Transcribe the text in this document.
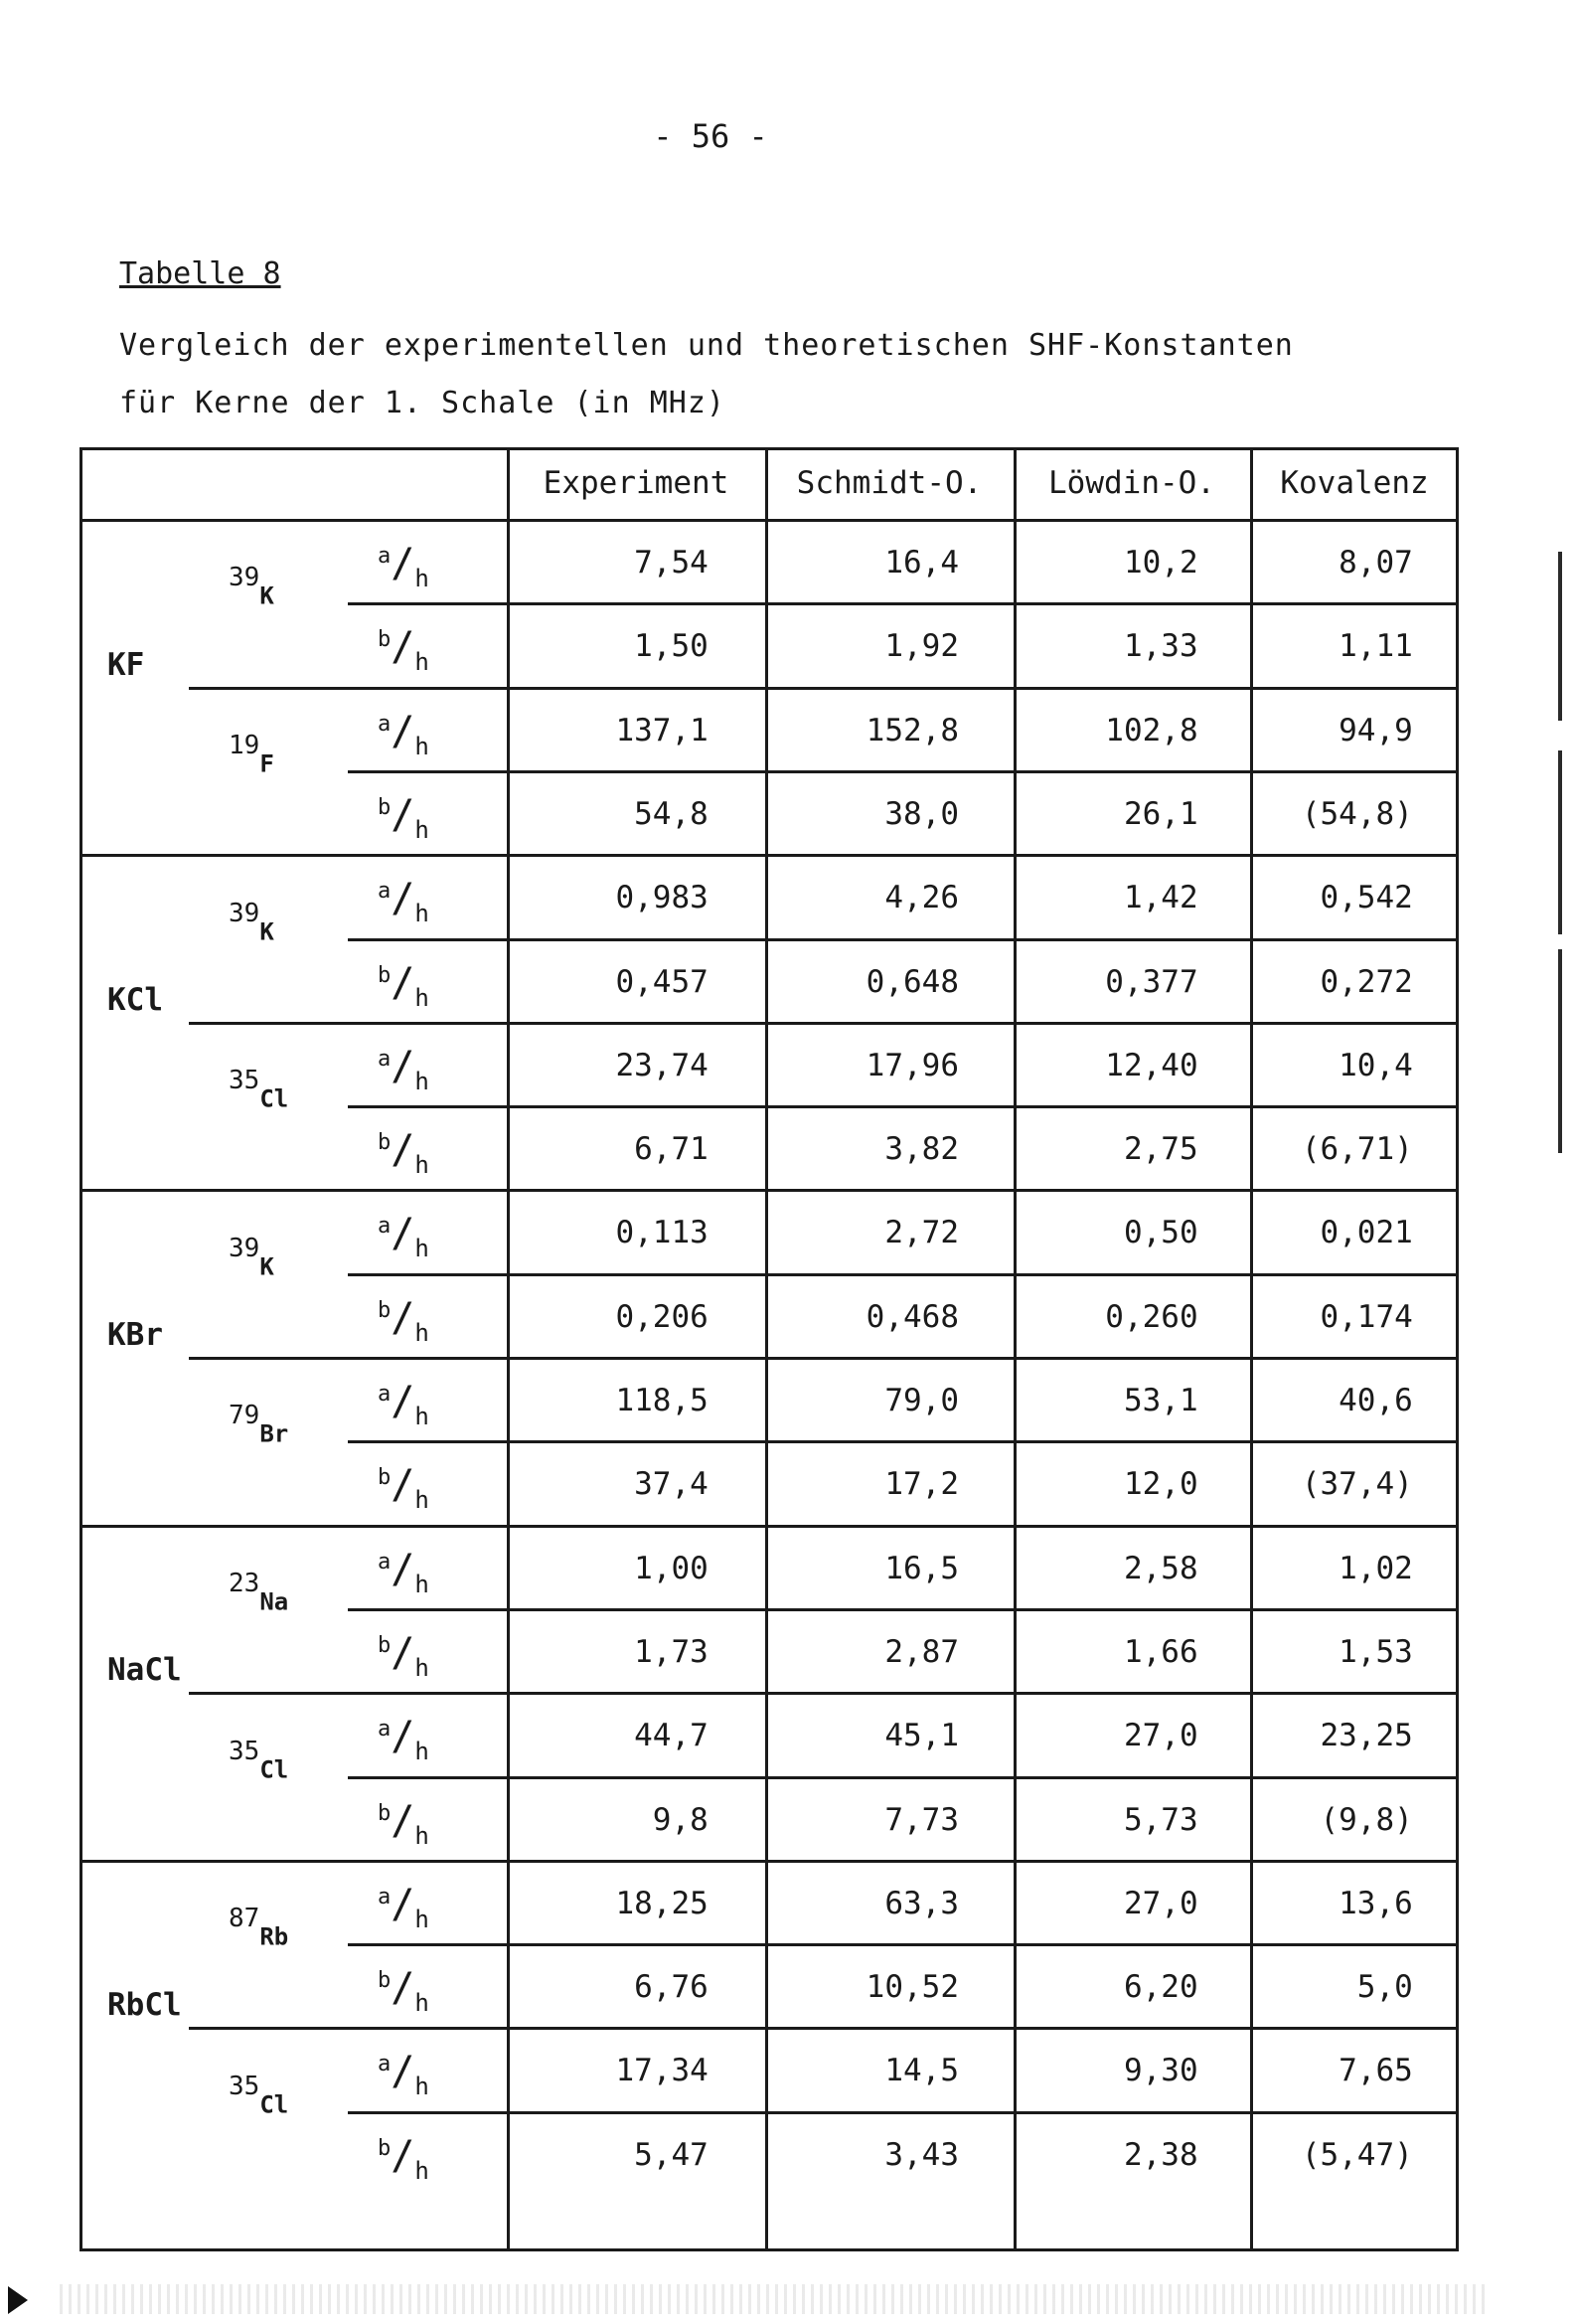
- 56 -
Tabelle 8
Vergleich der experimentellen und theoretischen SHF-Konstanten
für Kerne der 1. Schale (in MHz)
Experiment	Schmidt-O.	Löwdin-O.	Kovalenz
KF
$^{39}_K$
$^a/_h$	7,54	16,4	10,2	8,07
$^b/_h$	1,50	1,92	1,33	1,11
$^{19}_F$
$^a/_h$	137,1	152,8	102,8	94,9
$^b/_h$	54,8	38,0	26,1	(54,8)
KCl
$^{39}_K$
$^a/_h$	0,983	4,26	1,42	0,542
$^b/_h$	0,457	0,648	0,377	0,272
$^{35}_{Cl}$
$^a/_h$	23,74	17,96	12,40	10,4
$^b/_h$	6,71	3,82	2,75	(6,71)
KBr
$^{39}_K$
$^a/_h$	0,113	2,72	0,50	0,021
$^b/_h$	0,206	0,468	0,260	0,174
$^{79}_{Br}$
$^a/_h$	118,5	79,0	53,1	40,6
$^b/_h$	37,4	17,2	12,0	(37,4)
NaCl
$^{23}_{Na}$
$^a/_h$	1,00	16,5	2,58	1,02
$^b/_h$	1,73	2,87	1,66	1,53
$^{35}_{Cl}$
$^a/_h$	44,7	45,1	27,0	23,25
$^b/_h$	9,8	7,73	5,73	(9,8)
RbCl
$^{87}_{Rb}$
$^a/_h$	18,25	63,3	27,0	13,6
$^b/_h$	6,76	10,52	6,20	5,0
$^{35}_{Cl}$
$^a/_h$	17,34	14,5	9,30	7,65
$^b/_h$	5,47	3,43	2,38	(5,47)
